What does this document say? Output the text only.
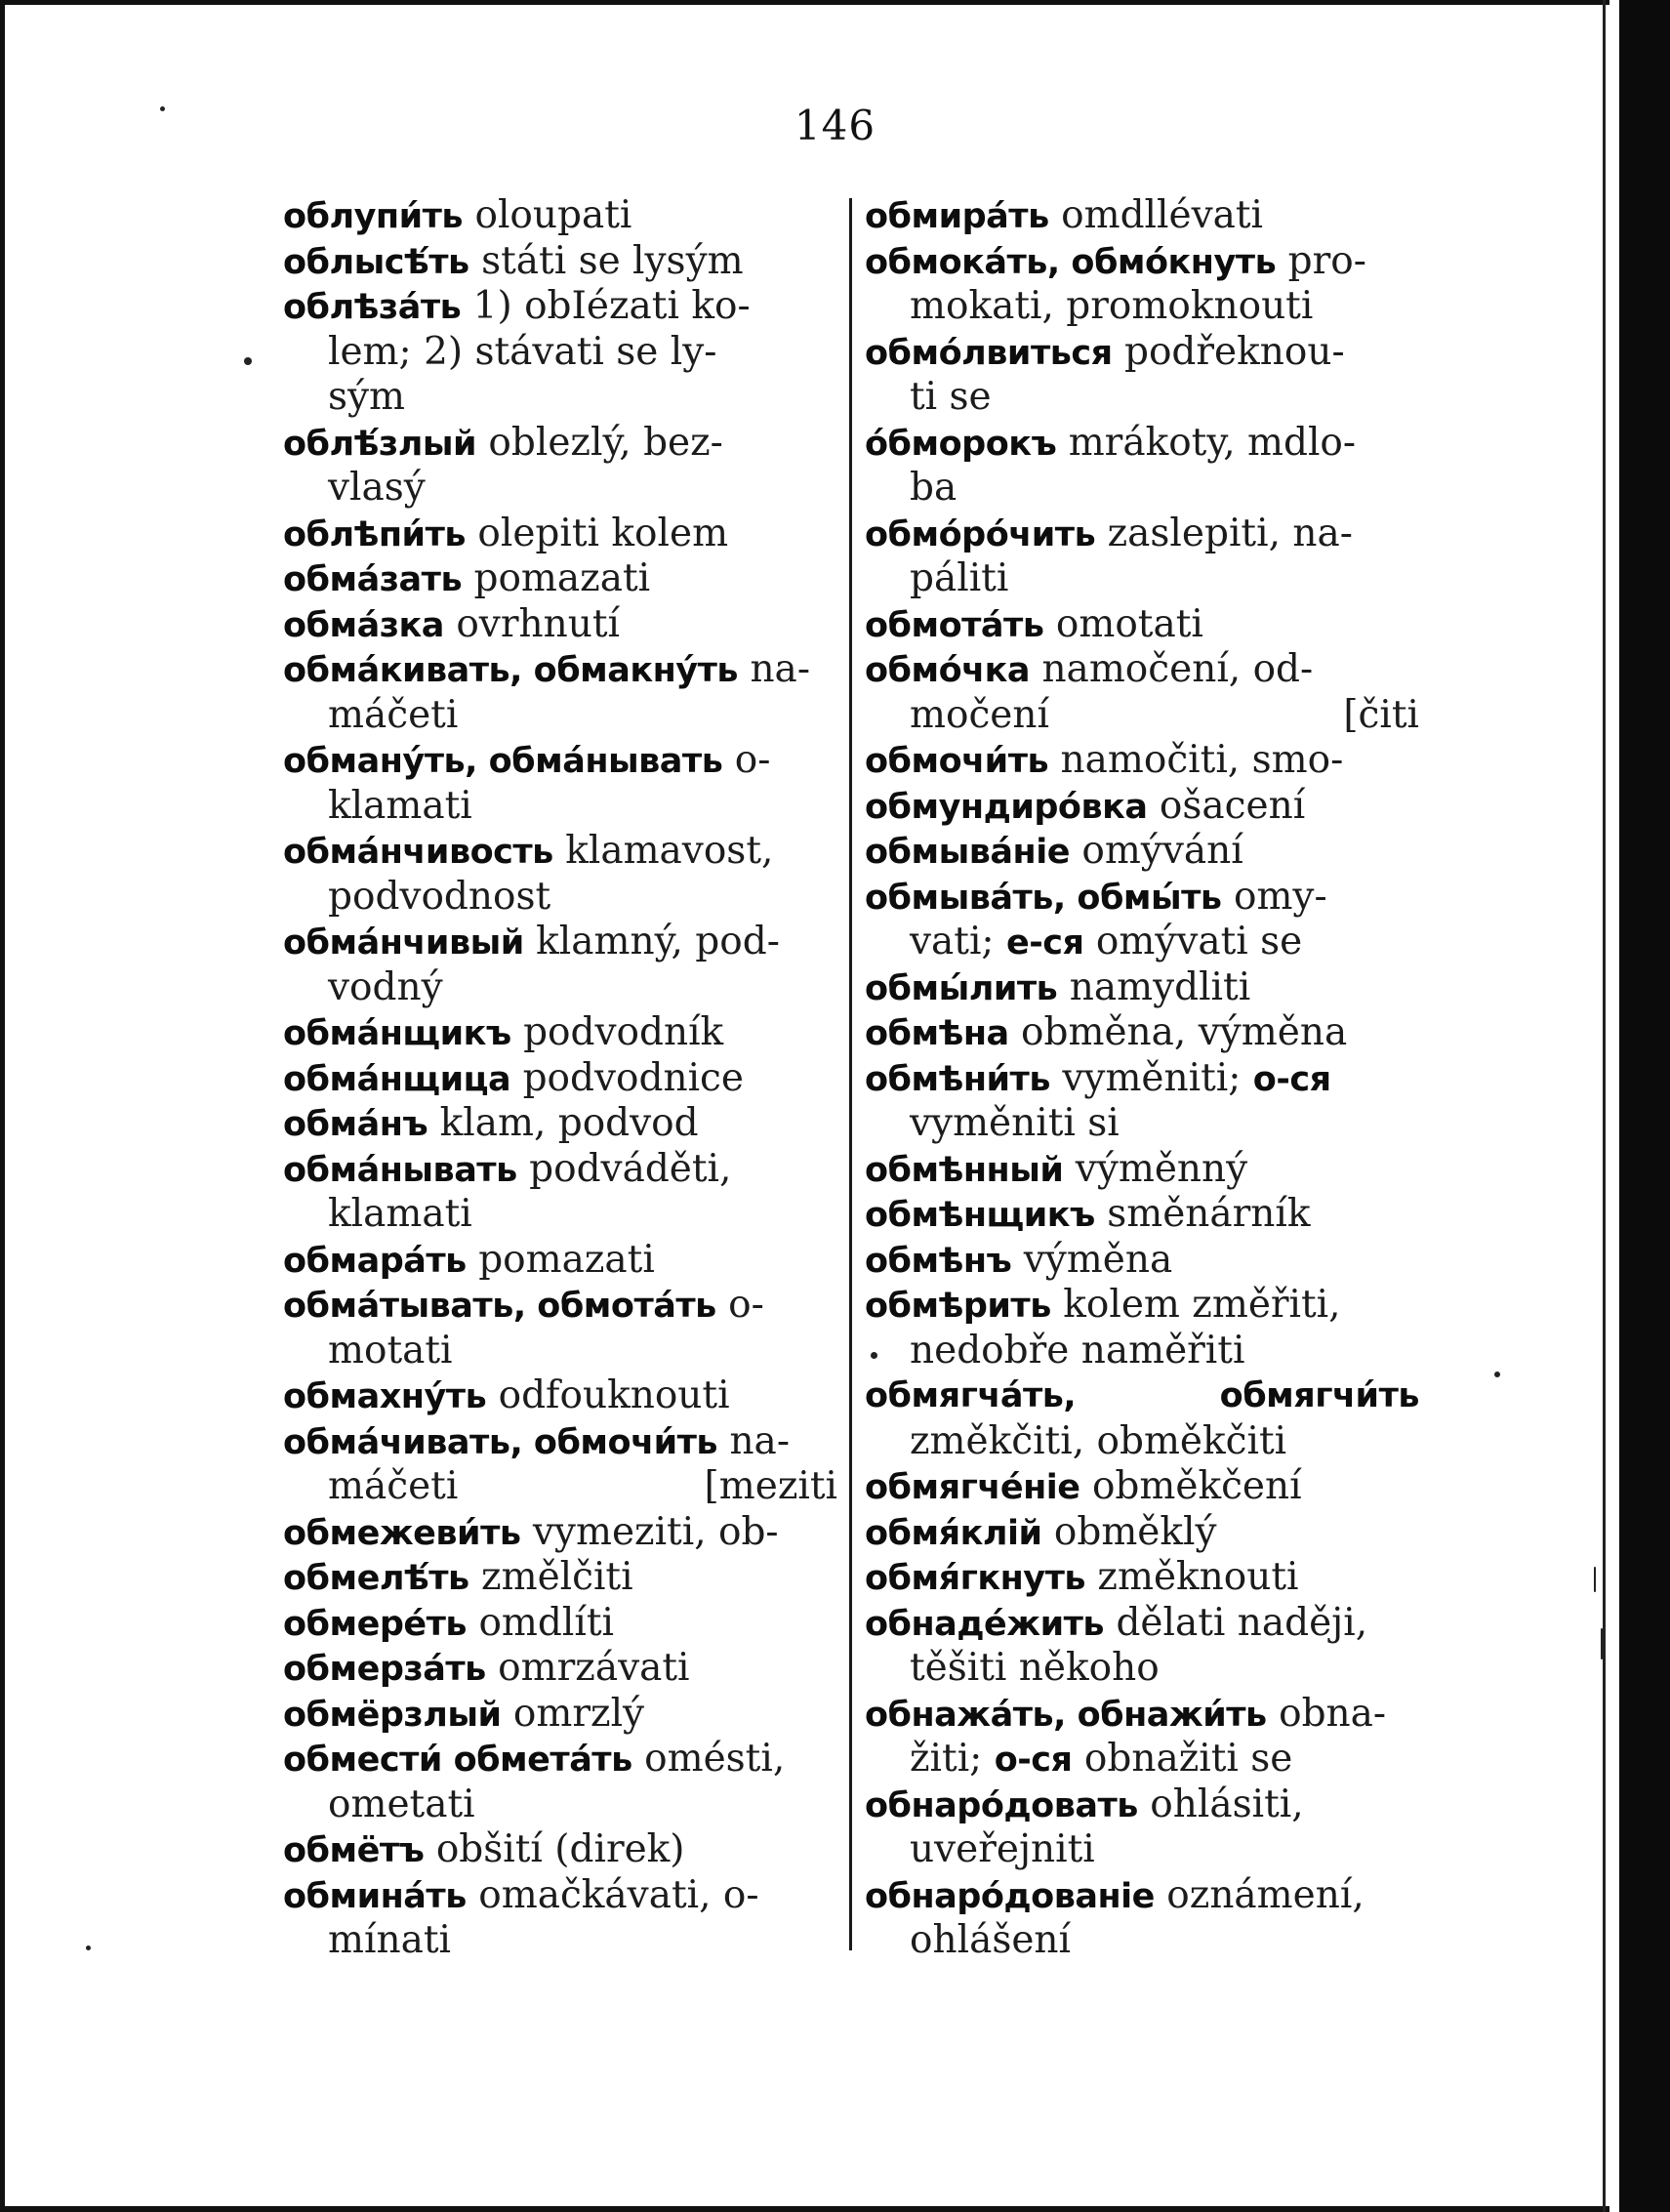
146
облупи́ть oloupati
облысѣ́ть státi se lysým
облѣза́ть 1) obIézati ko-
lem; 2) stávati se ly-
sým
облѣ́злый oblezlý, bez-
vlasý
облѣпи́ть olepiti kolem
обма́зать pomazati
обма́зка ovrhnutí
обма́кивать, обмакну́ть na-
máčeti
обману́ть, обма́нывать o-
klamati
обма́нчивость klamavost,
podvodnost
обма́нчивый klamný, pod-
vodný
обма́нщикъ podvodník
обма́нщица podvodnice
обма́нъ klam, podvod
обма́нывать podváděti,
klamati
обмара́ть pomazati
обма́тывать, обмота́ть o-
motati
обмахну́ть odfouknouti
обма́чивать, обмочи́ть na-
máčeti	[meziti
обмежеви́ть vymeziti, ob-
обмелѣ́ть změlčiti
обмере́ть omdlíti
обмерза́ть omrzávati
обмёрзлый omrzlý
обмести́ обмета́ть omésti,
ometati
обмётъ obšití (direk)
обмина́ть omačkávati, o-
mínati
обмира́ть omdllévati
обмока́ть, обмо́кнуть pro-
mokati, promoknouti
обмо́лвиться podřeknou-
ti se
о́бморокъ mrákoty, mdlo-
ba
обмо́ро́чить zaslepiti, na-
páliti
обмота́ть omotati
обмо́чка namočení, od-
močení	[čiti
обмочи́ть namočiti, smo-
обмундиро́вка ošacení
обмыва́ніе omývání
обмыва́ть, обмы́ть omy-
vati; е-ся omývati se
обмы́лить namydliti
обмѣна obměna, výměna
обмѣни́ть vyměniti; о-ся
vyměniti si
обмѣнный výměnný
обмѣнщикъ směnárník
обмѣнъ výměna
обмѣрить kolem změřiti,
nedobře naměřiti
обмягча́ть,	обмягчи́ть
změkčiti, obměkčiti
обмягче́ніе obměkčení
обмя́клій obměklý
обмя́гкнуть změknouti
обнаде́жить dělati naději,
těšiti někoho
обнажа́ть, обнажи́ть obna-
žiti; о-ся obnažiti se
обнаро́довать ohlásiti,
uveřejniti
обнаро́дованіе oznámení,
ohlášení
